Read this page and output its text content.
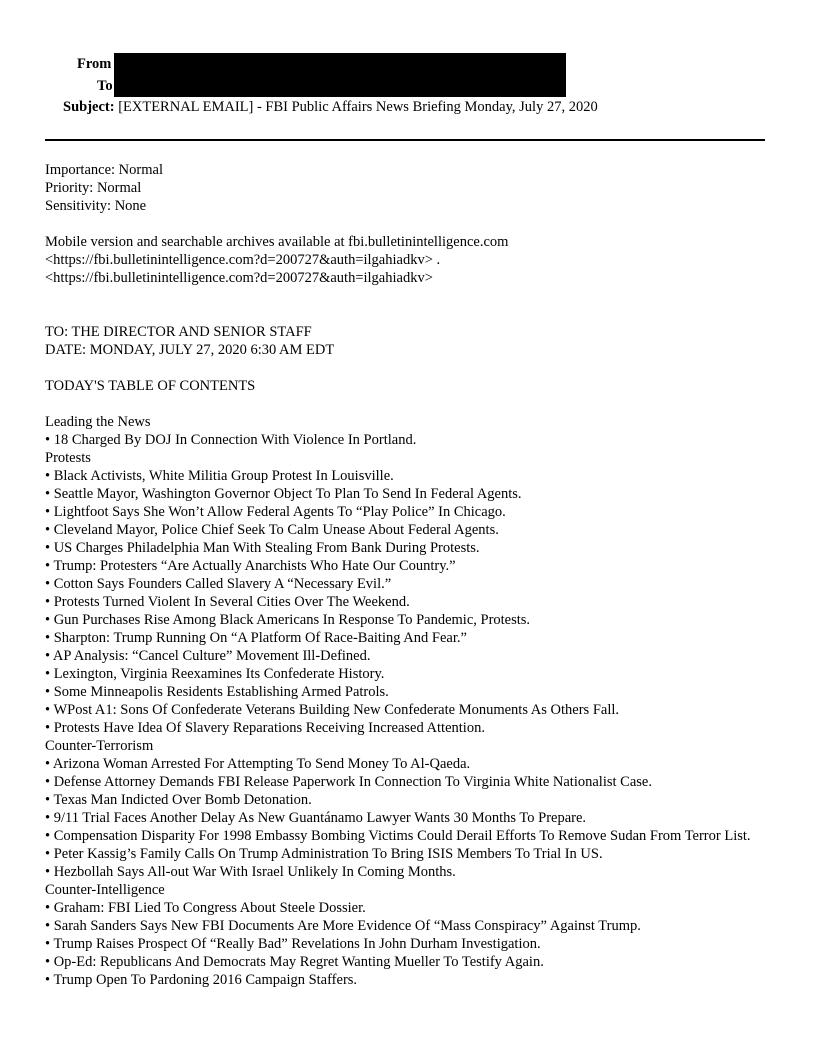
From
To
Subject: [EXTERNAL EMAIL] - FBI Public Affairs News Briefing Monday, July 27, 2020
Importance: Normal
Priority: Normal
Sensitivity: None
Mobile version and searchable archives available at fbi.bulletinintelligence.com
<https://fbi.bulletinintelligence.com?d=200727&auth=ilgahiadkv> .
<https://fbi.bulletinintelligence.com?d=200727&auth=ilgahiadkv>
TO: THE DIRECTOR AND SENIOR STAFF
DATE: MONDAY, JULY 27, 2020 6:30 AM EDT
TODAY'S TABLE OF CONTENTS
Leading the News
• 18 Charged By DOJ In Connection With Violence In Portland.
Protests
• Black Activists, White Militia Group Protest In Louisville.
• Seattle Mayor, Washington Governor Object To Plan To Send In Federal Agents.
• Lightfoot Says She Won’t Allow Federal Agents To “Play Police” In Chicago.
• Cleveland Mayor, Police Chief Seek To Calm Unease About Federal Agents.
• US Charges Philadelphia Man With Stealing From Bank During Protests.
• Trump: Protesters “Are Actually Anarchists Who Hate Our Country.”
• Cotton Says Founders Called Slavery A “Necessary Evil.”
• Protests Turned Violent In Several Cities Over The Weekend.
• Gun Purchases Rise Among Black Americans In Response To Pandemic, Protests.
• Sharpton: Trump Running On “A Platform Of Race-Baiting And Fear.”
• AP Analysis: “Cancel Culture” Movement Ill-Defined.
• Lexington, Virginia Reexamines Its Confederate History.
• Some Minneapolis Residents Establishing Armed Patrols.
• WPost A1: Sons Of Confederate Veterans Building New Confederate Monuments As Others Fall.
• Protests Have Idea Of Slavery Reparations Receiving Increased Attention.
Counter-Terrorism
• Arizona Woman Arrested For Attempting To Send Money To Al-Qaeda.
• Defense Attorney Demands FBI Release Paperwork In Connection To Virginia White Nationalist Case.
• Texas Man Indicted Over Bomb Detonation.
• 9/11 Trial Faces Another Delay As New Guantánamo Lawyer Wants 30 Months To Prepare.
• Compensation Disparity For 1998 Embassy Bombing Victims Could Derail Efforts To Remove Sudan From Terror List.
• Peter Kassig’s Family Calls On Trump Administration To Bring ISIS Members To Trial In US.
• Hezbollah Says All-out War With Israel Unlikely In Coming Months.
Counter-Intelligence
• Graham: FBI Lied To Congress About Steele Dossier.
• Sarah Sanders Says New FBI Documents Are More Evidence Of “Mass Conspiracy” Against Trump.
• Trump Raises Prospect Of “Really Bad” Revelations In John Durham Investigation.
• Op-Ed: Republicans And Democrats May Regret Wanting Mueller To Testify Again.
• Trump Open To Pardoning 2016 Campaign Staffers.
